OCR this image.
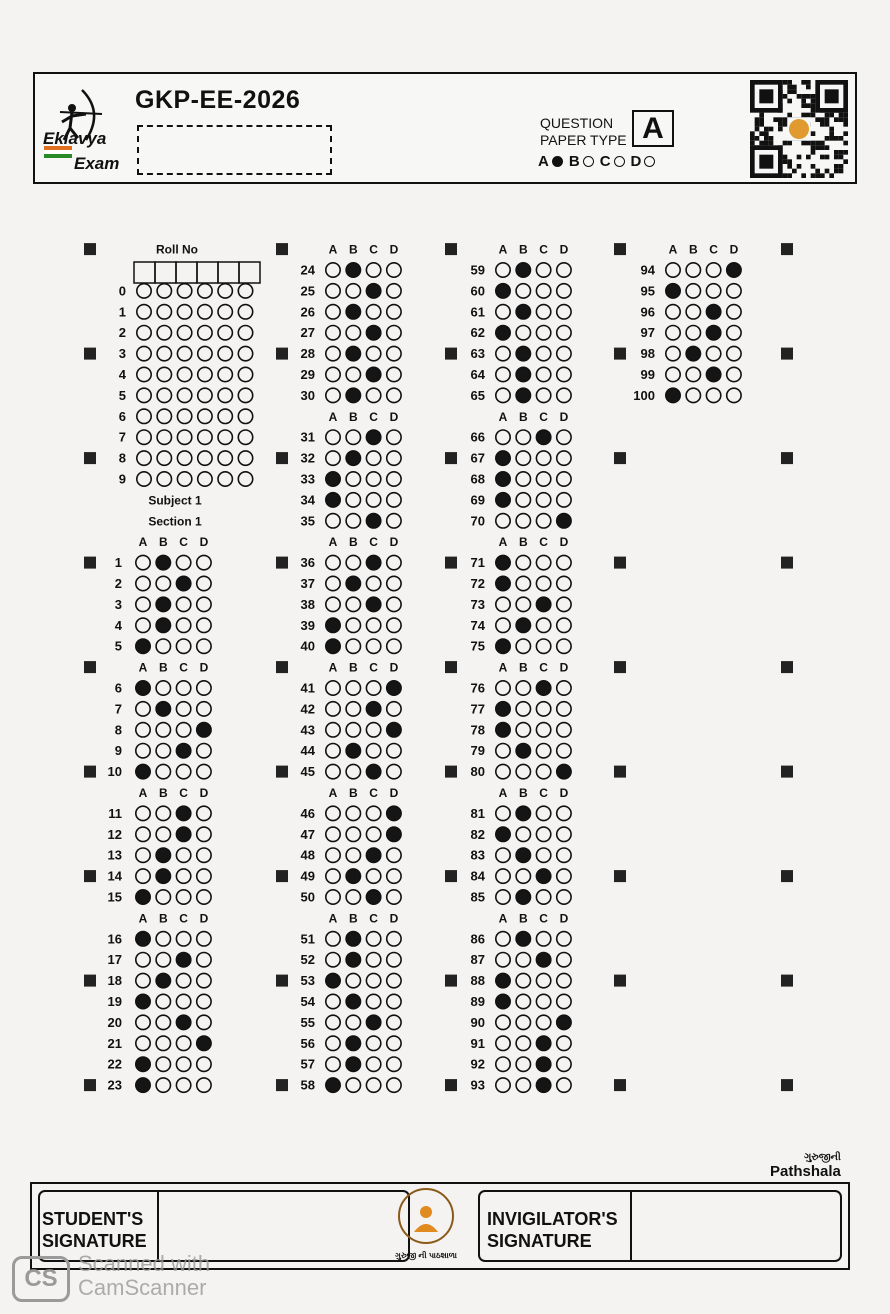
Eklavya
Exam
GKP-EE-2026
QUESTION
PAPER TYPE A
A B C D
Roll No
0
1
2
3
4
5
6
7
8
9
Subject 1
Section 1
A B C D
1
2
3
4
5
A B C D
6
7
8
9
10
A B C D
11
12
13
14
15
A B C D
16
17
18
19
20
21
22
23
A B C D
24
25
26
27
28
29
30
A B C D
31
32
33
34
35
A B C D
36
37
38
39
40
A B C D
41
42
43
44
45
A B C D
46
47
48
49
50
A B C D
51
52
53
54
55
56
57
58
A B C D
59
60
61
62
63
64
65
A B C D
66
67
68
69
70
A B C D
71
72
73
74
75
A B C D
76
77
78
79
80
A B C D
81
82
83
84
85
A B C D
86
87
88
89
90
91
92
93
A B C D
94
95
96
97
98
99
100
ગુરુજીની
Pathshala
STUDENT'S
SIGNATURE
INVIGILATOR'S
SIGNATURE
ગુરુજી ની પાઠશાળા
CS
Scanned with
CamScanner
